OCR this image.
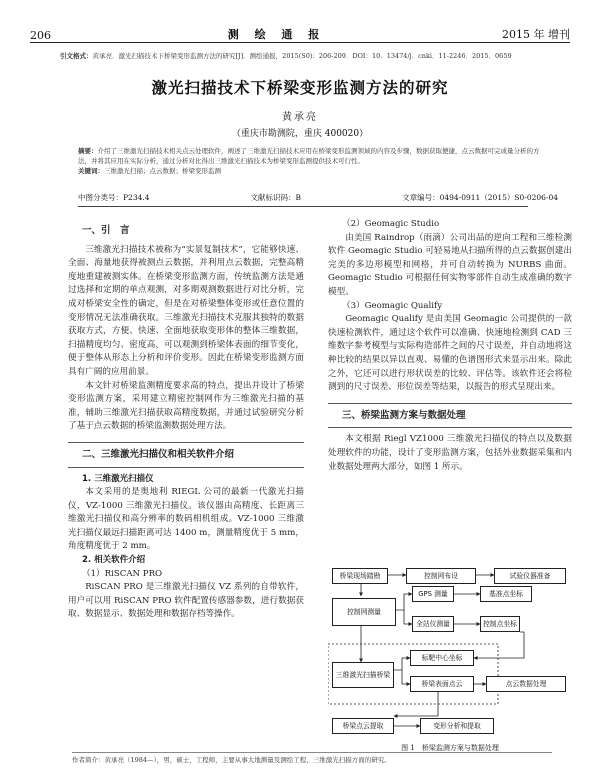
206	测 绘 通 报	2015 年 增刊
引文格式：黄承亮．激光扫描技术下桥梁变形监测方法的研究[J]．测绘通报，2015(S0)：206-209．DOI：10．13474/j．cnki．11-2246．2015．0659
激光扫描技术下桥梁变形监测方法的研究
黄承亮
（重庆市勘测院，重庆 400020）
摘要：介绍了三维激光扫描技术相关点云处理软件，阐述了三维激光扫描技术应用在桥梁变形监测领域的内容及步骤，数据获取便捷，点云数据可完成量分析的方法，并将其应用在实际分析，通过分析对比得出三维激光扫描技术为桥梁变形监测提供技术可行性。
关键词：三维激光扫描；点云数据；桥梁变形监测
中图分类号：P234.4	文献标识码：B	文章编号：0494-0911（2015）S0-0206-04
一、引　言

三维激光扫描技术被称为“实景复制技术”，它能够快速、全面、海量地获得被测点云数据，并利用点云数据，完整高精度地重建被测实体。在桥梁变形监测方面，传统监测方法是通过选择和定期的单点观测，对多期观测数据进行对比分析，完成对桥梁安全性的确定，但是在对桥梁整体变形或任意位置的变形情况无法准确获取。三维激光扫描技术克服其独特的数据获取方式，方便、快速、全面地获取变形体的整体三维数据，扫描精度均匀、密度高，可以观测到桥梁体表面的细节变化，便于整体从形态上分析和评价变形。因此在桥梁变形监测方面具有广阔的应用前景。

本文针对桥梁监测精度要求高的特点，提出并设计了桥梁变形监测方案，采用建立精密控制网作为三维激光扫描的基准，辅助三维激光扫描获取高精度数据，并通过试验研究分析了基于点云数据的桥梁监测数据处理方法。

二、三维激光扫描仪和相关软件介绍
1. 三维激光扫描仪

本文采用的是奥地利 RIEGL 公司的最新一代激光扫描仪，VZ-1000 三维激光扫描仪。该仪器由高精度、长距离三维激光扫描仪和高分辨率的数码相机组成。VZ-1000 三维激光扫描仪最远扫描距离可达 1400 m，测量精度优于 5 mm，角度精度优于 2 mm。

2. 相关软件介绍
（1）RiSCAN PRO

RiSCAN PRO 是三维激光扫描仪 VZ 系列的自带软件，用户可以用 RiSCAN PRO 软件配置传感器参数，进行数据获取、数据显示、数据处理和数据存档等操作。

（2）Geomagic Studio

由美国 Raindrop（雨滴）公司出品的逆向工程和三维检测软件 Geomagic Studio 可轻易地从扫描所得的点云数据创建出完美的多边形模型和网格，并可自动转换为 NURBS 曲面。Geomagic Studio 可根据任何实物零部件自动生成准确的数字模型。

（3）Geomagic Qualify

Geomagic Qualify 是由美国 Geomagic 公司提供的一款快速检测软件，通过这个软件可以准确、快速地检测到 CAD 三维数字参考模型与实际构造部件之间的尺寸误差，并自动地将这种比较的结果以异以直观、易懂的色谱图形式来显示出来。除此之外，它还可以进行形状误差的比较、评估等。该软件还会将检测到的尺寸误差、形位误差等结果，以报告的形式呈现出来。

三、桥梁监测方案与数据处理

本文根据 Riegl VZ1000 三维激光扫描仪的特点以及数据处理软件的功能，设计了变形监测方案，包括外业数据采集和内业数据处理两大部分，如图 1 所示。

桥梁现场踏勘	控制网布设	试验仪器准备
控制网测量
GPS 测量	基准点坐标
全站仪测量	控制点坐标
三维激光扫描桥梁
标靶中心坐标
桥梁表面点云	点云数据处理
桥梁点云提取	变形分析和提取
图 1　桥梁监测方案与数据处理
作者简介：黄承亮（1984—），男，硕士，工程师，主要从事大地测量及测绘工程、三维激光扫描方面的研究。
